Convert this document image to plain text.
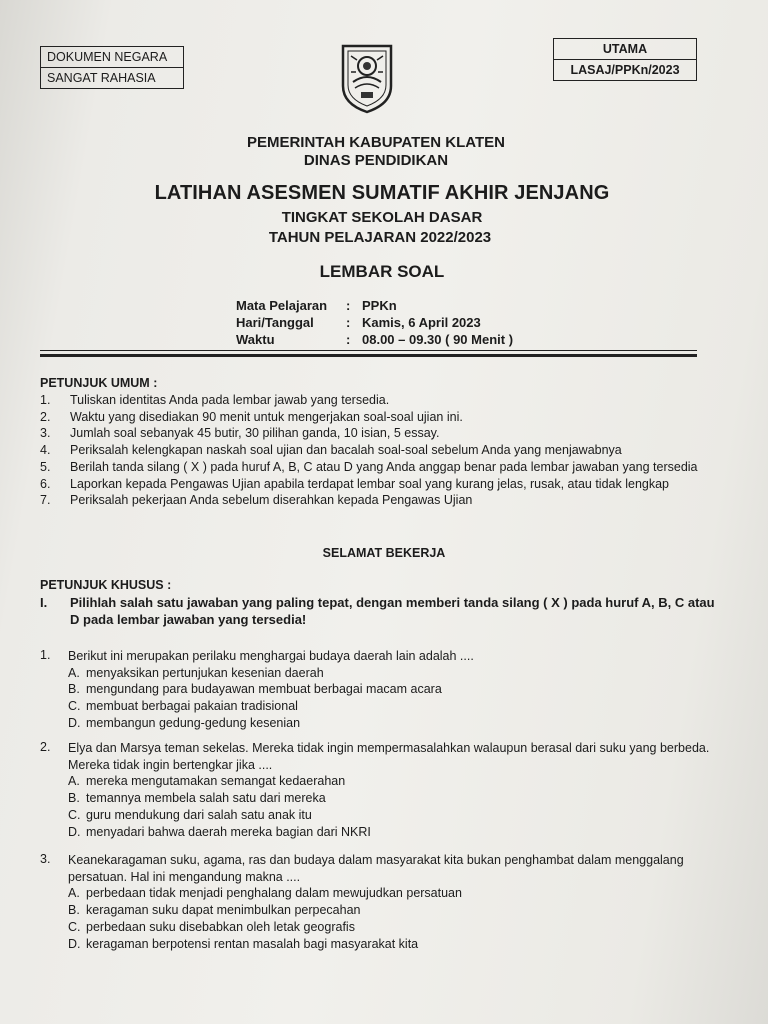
DOKUMEN NEGARA
SANGAT RAHASIA
UTAMA
LASAJ/PPKn/2023
PEMERINTAH KABUPATEN KLATEN
DINAS PENDIDIKAN
LATIHAN ASESMEN SUMATIF AKHIR JENJANG
TINGKAT SEKOLAH DASAR
TAHUN PELAJARAN 2022/2023
LEMBAR SOAL
Mata Pelajaran : PPKn
Hari/Tanggal : Kamis, 6 April 2023
Waktu	: 08.00 – 09.30 ( 90 Menit )
PETUNJUK UMUM :
1. Tuliskan identitas Anda pada lembar jawab yang tersedia.
2. Waktu yang disediakan 90 menit untuk mengerjakan soal-soal ujian ini.
3. Jumlah soal sebanyak 45 butir, 30 pilihan ganda, 10 isian, 5 essay.
4. Periksalah kelengkapan naskah soal ujian dan bacalah soal-soal sebelum Anda yang menjawabnya
5. Berilah tanda silang ( X ) pada huruf A, B, C atau D yang Anda anggap benar pada lembar jawaban yang tersedia
6. Laporkan kepada Pengawas Ujian apabila terdapat lembar soal yang kurang jelas, rusak, atau tidak lengkap
7. Periksalah pekerjaan Anda sebelum diserahkan kepada Pengawas Ujian
SELAMAT BEKERJA
PETUNJUK KHUSUS :
I.	Pilihlah salah satu jawaban yang paling tepat, dengan memberi tanda silang ( X ) pada huruf A, B, C atau D pada lembar jawaban yang tersedia!
1.	Berikut ini merupakan perilaku menghargai budaya daerah lain adalah ....
A. menyaksikan pertunjukan kesenian daerah
B. mengundang para budayawan membuat berbagai macam acara
C. membuat berbagai pakaian tradisional
D. membangun gedung-gedung kesenian
2.	Elya dan Marsya teman sekelas. Mereka tidak ingin mempermasalahkan walaupun berasal dari suku yang berbeda. Mereka tidak ingin bertengkar jika ....
A. mereka mengutamakan semangat kedaerahan
B. temannya membela salah satu dari mereka
C. guru mendukung dari salah satu anak itu
D. menyadari bahwa daerah mereka bagian dari NKRI
3.	Keanekaragaman suku, agama, ras dan budaya dalam masyarakat kita bukan penghambat dalam menggalang persatuan. Hal ini mengandung makna ....
A. perbedaan tidak menjadi penghalang dalam mewujudkan persatuan
B. keragaman suku dapat menimbulkan perpecahan
C. perbedaan suku disebabkan oleh letak geografis
D. keragaman berpotensi rentan masalah bagi masyarakat kita
